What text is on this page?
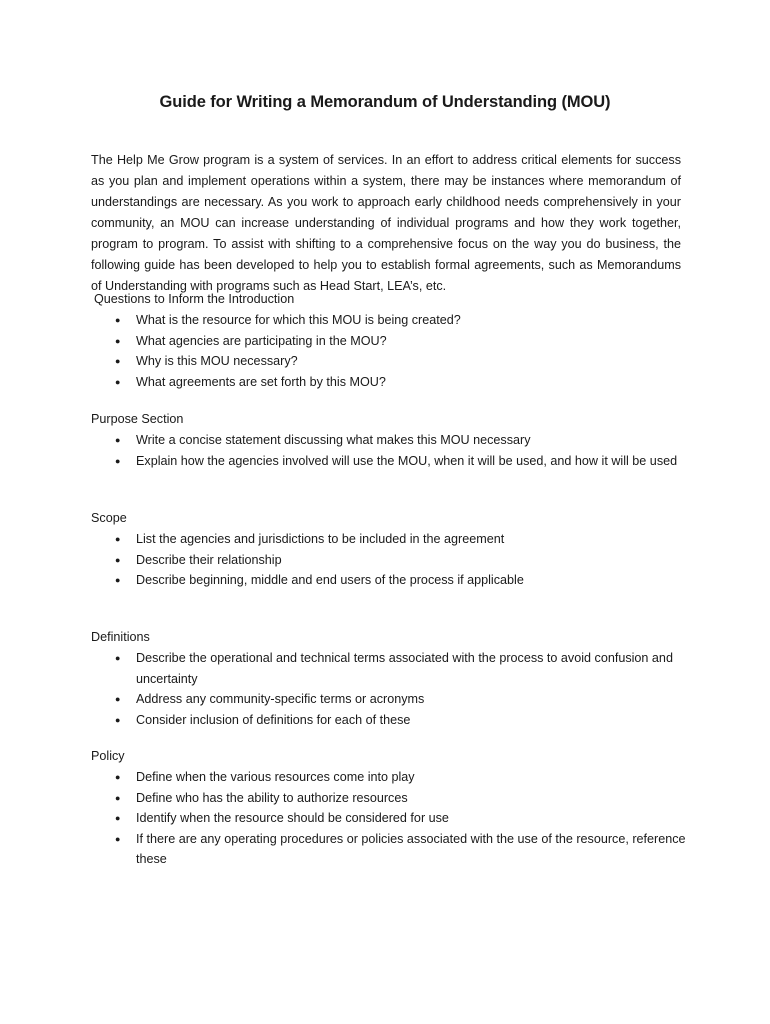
Guide for Writing a Memorandum of Understanding (MOU)

The Help Me Grow program is a system of services. In an effort to address critical elements for success as you plan and implement operations within a system, there may be instances where memorandum of understandings are necessary. As you work to approach early childhood needs comprehensively in your community, an MOU can increase understanding of individual programs and how they work together, program to program. To assist with shifting to a comprehensive focus on the way you do business, the following guide has been developed to help you to establish formal agreements, such as Memorandums of Understanding with programs such as Head Start, LEA’s, etc.

Questions to Inform the Introduction

● What is the resource for which this MOU is being created?
● What agencies are participating in the MOU?
● Why is this MOU necessary?
● What agreements are set forth by this MOU?

Purpose Section

● Write a concise statement discussing what makes this MOU necessary
● Explain how the agencies involved will use the MOU, when it will be used, and how it will be used

Scope

● List the agencies and jurisdictions to be included in the agreement
● Describe their relationship
● Describe beginning, middle and end users of the process if applicable

Definitions

● Describe the operational and technical terms associated with the process to avoid confusion and uncertainty
● Address any community-specific terms or acronyms
● Consider inclusion of definitions for each of these

Policy

● Define when the various resources come into play
● Define who has the ability to authorize resources
● Identify when the resource should be considered for use
● If there are any operating procedures or policies associated with the use of the resource, reference these
